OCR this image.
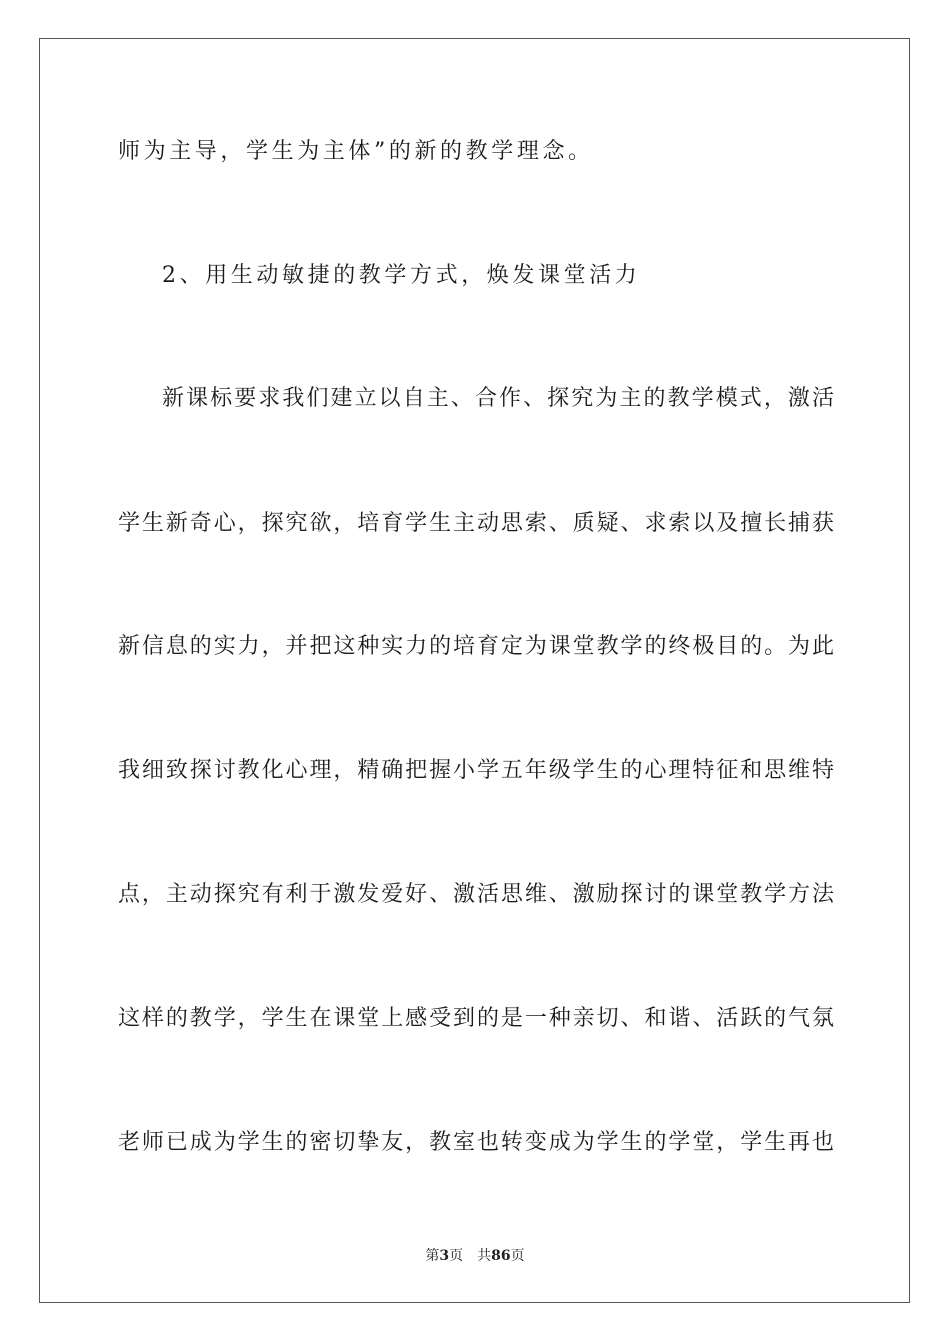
师为主导，学生为主体”的新的教学理念。
2、用生动敏捷的教学方式，焕发课堂活力
新课标要求我们建立以自主、合作、探究为主的教学模式，激活
学生新奇心，探究欲，培育学生主动思索、质疑、求索以及擅长捕获
新信息的实力，并把这种实力的培育定为课堂教学的终极目的。为此
我细致探讨教化心理，精确把握小学五年级学生的心理特征和思维特
点，主动探究有利于激发爱好、激活思维、激励探讨的课堂教学方法
这样的教学，学生在课堂上感受到的是一种亲切、和谐、活跃的气氛
老师已成为学生的密切挚友，教室也转变成为学生的学堂，学生再也
第3页 共86页
